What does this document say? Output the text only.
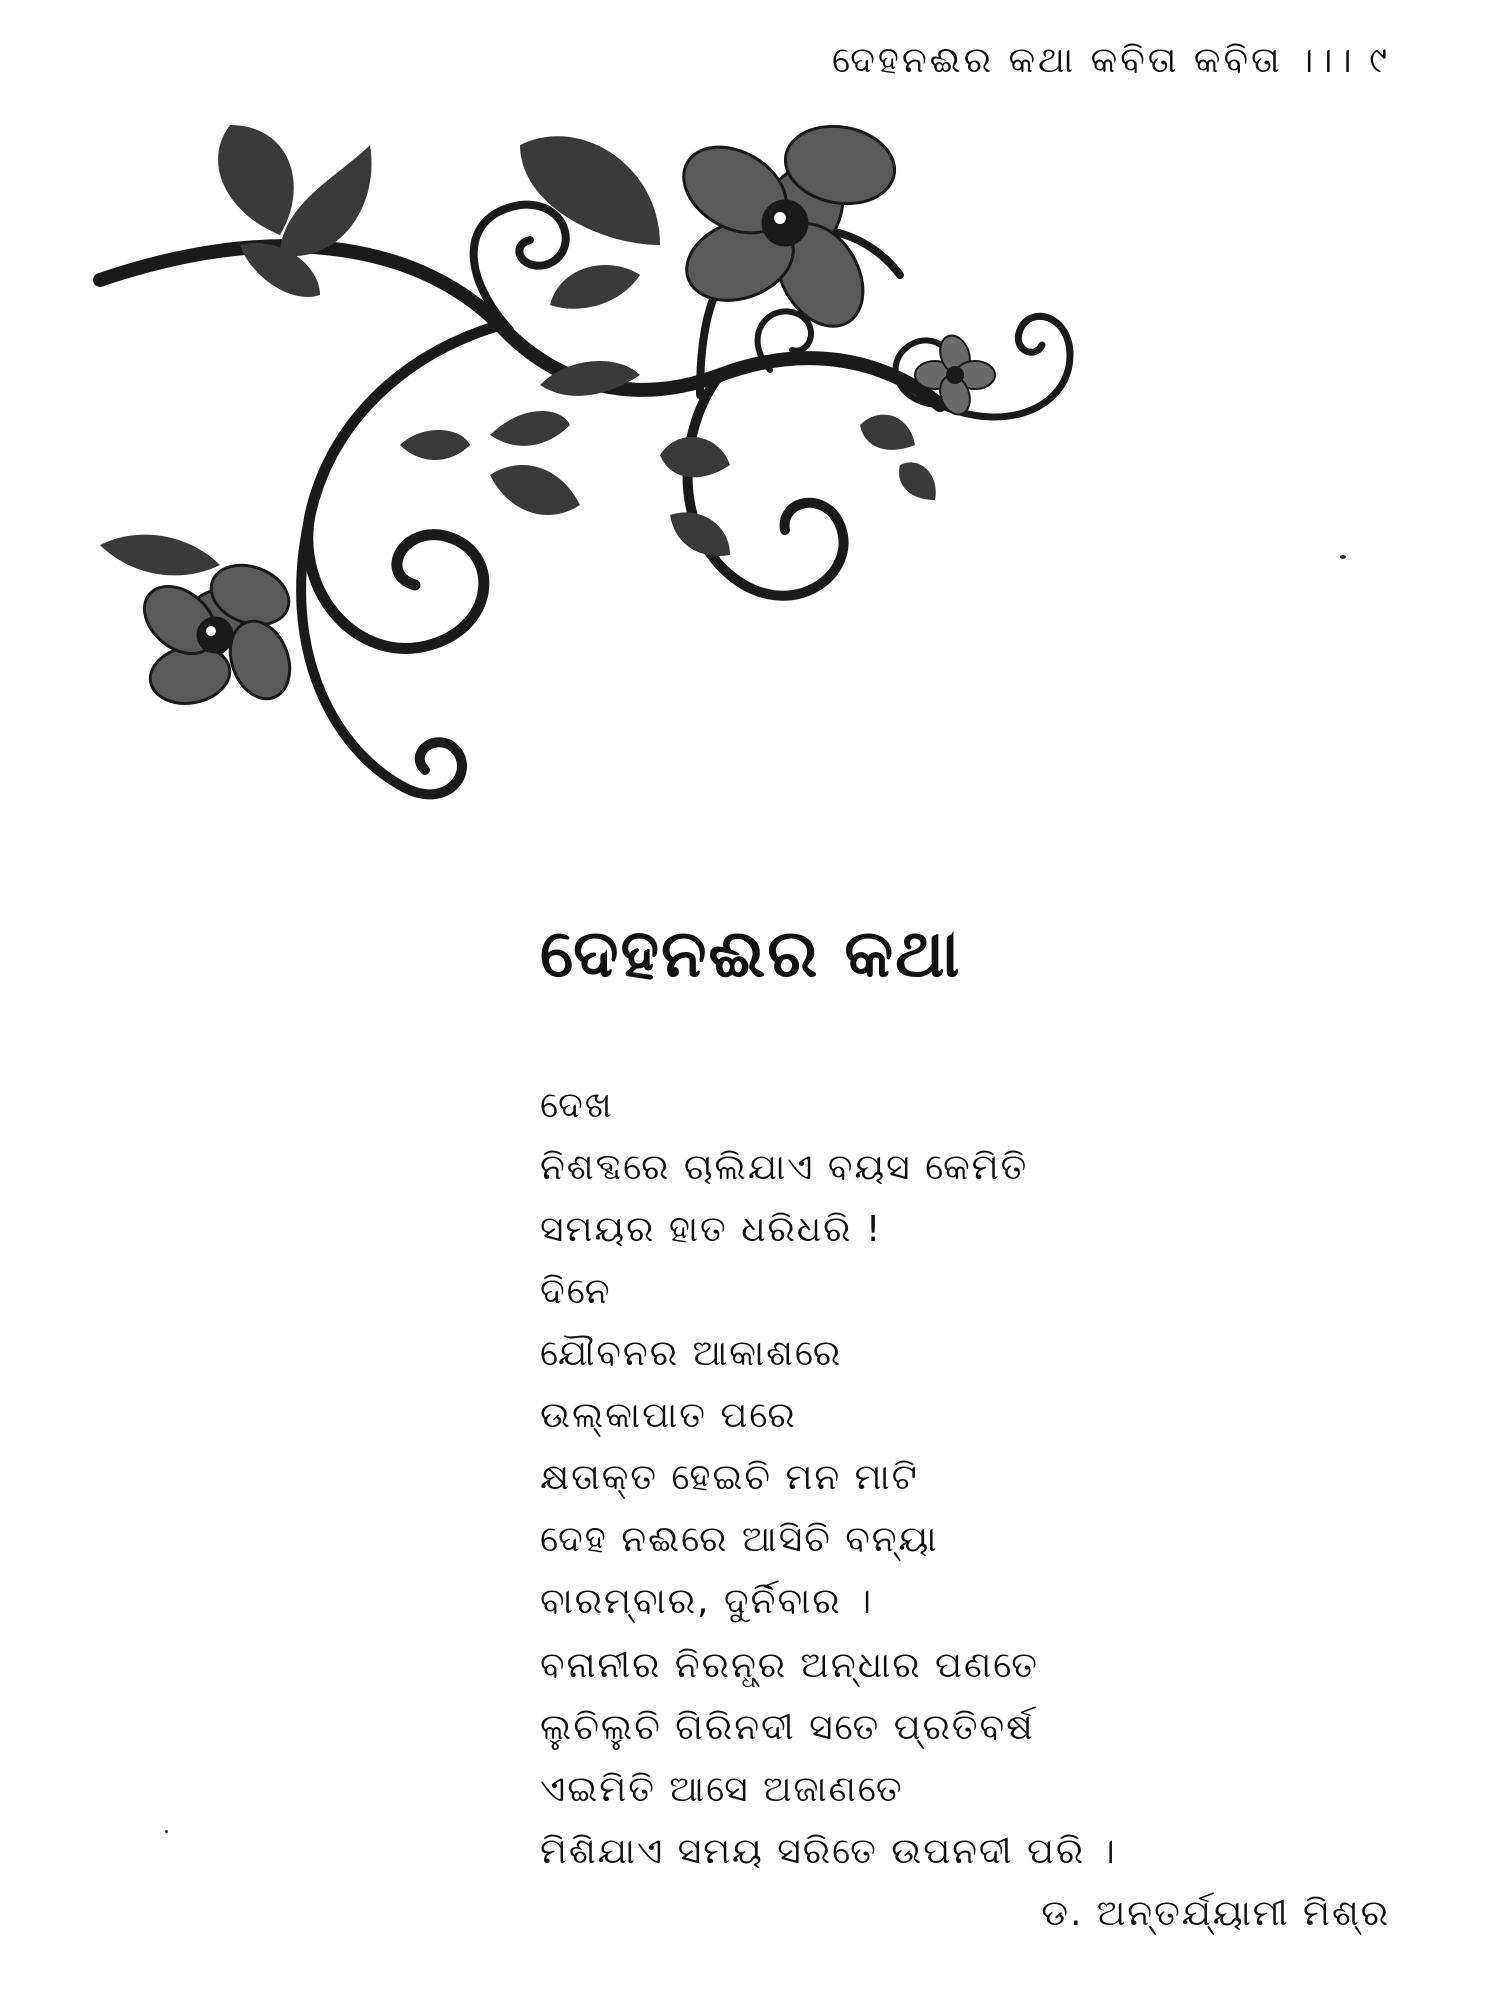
ଦେହନଈର କଥା କବିତା କବିତା ।।। ୯
ଦେହନଈର କଥା
ଦେଖ
ନିଶବ୍ଦରେ ଚାଲିଯାଏ ବୟସ କେମିତି
ସମୟର ହାତ ଧରିଧରି !
ଦିନେ
ଯୌବନର ଆକାଶରେ
ଉଲ୍‌କାପାତ ପରେ
କ୍ଷତାକ୍ତ ହେଇଚି ମନ ମାଟି
ଦେହ ନଈରେ ଆସିଚି ବନ୍ୟା
ବାରମ୍ବାର, ଦୁର୍ନିବାର ।
ବନାନୀର ନିରନ୍ଧ୍ର ଅନ୍ଧାର ପଣତେ
ଲୁଚିଲୁଚି ଗିରିନଦୀ ସତେ ପ୍ରତିବର୍ଷ
ଏଇମିତି ଆସେ ଅଜାଣତେ
ମିଶିଯାଏ ସମୟ ସରିତେ ଉପନଦୀ ପରି ।
ଡ. ଅନ୍ତର୍ଯ୍ୟାମୀ ମିଶ୍ର
